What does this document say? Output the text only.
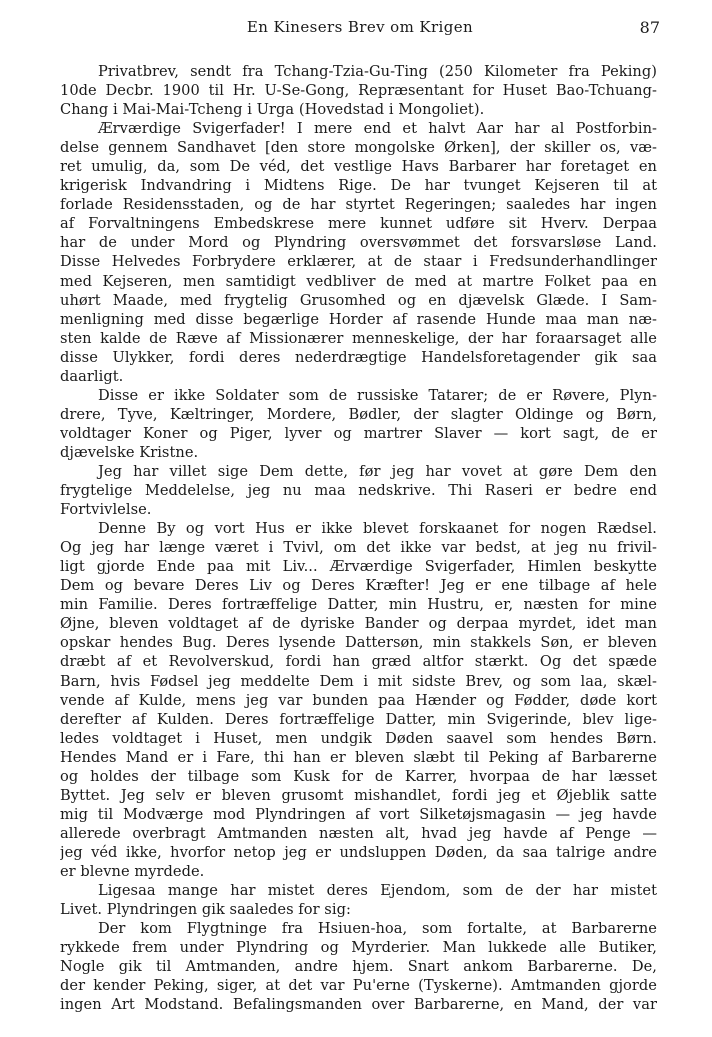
En Kinesers Brev om Krigen	87
Privatbrev, sendt fra Tchang-Tzia-Gu-Ting (250 Kilometer fra Peking)
10de Decbr. 1900 til Hr. U-Se-Gong, Repræsentant for Huset Bao-Tchuang-
Chang i Mai-Mai-Tcheng i Urga (Hovedstad i Mongoliet).
Ærværdige Svigerfader! I mere end et halvt Aar har al Postforbin-
delse gennem Sandhavet [den store mongolske Ørken], der skiller os, væ-
ret umulig, da, som De véd, det vestlige Havs Barbarer har foretaget en
krigerisk Indvandring i Midtens Rige. De har tvunget Kejseren til at
forlade Residensstaden, og de har styrtet Regeringen; saaledes har ingen
af Forvaltningens Embedskrese mere kunnet udføre sit Hverv. Derpaa
har de under Mord og Plyndring oversvømmet det forsvarsløse Land.
Disse Helvedes Forbrydere erklærer, at de staar i Fredsunderhandlinger
med Kejseren, men samtidigt vedbliver de med at martre Folket paa en
uhørt Maade, med frygtelig Grusomhed og en djævelsk Glæde. I Sam-
menligning med disse begærlige Horder af rasende Hunde maa man næ-
sten kalde de Ræve af Missionærer menneskelige, der har foraarsaget alle
disse Ulykker, fordi deres nederdrægtige Handelsforetagender gik saa
daarligt.
Disse er ikke Soldater som de russiske Tatarer; de er Røvere, Plyn-
drere, Tyve, Kæltringer, Mordere, Bødler, der slagter Oldinge og Børn,
voldtager Koner og Piger, lyver og martrer Slaver — kort sagt, de er
djævelske Kristne.
Jeg har villet sige Dem dette, før jeg har vovet at gøre Dem den
frygtelige Meddelelse, jeg nu maa nedskrive. Thi Raseri er bedre end
Fortvivlelse.
Denne By og vort Hus er ikke blevet forskaanet for nogen Rædsel.
Og jeg har længe været i Tvivl, om det ikke var bedst, at jeg nu frivil-
ligt gjorde Ende paa mit Liv... Ærværdige Svigerfader, Himlen beskytte
Dem og bevare Deres Liv og Deres Kræfter! Jeg er ene tilbage af hele
min Familie. Deres fortræffelige Datter, min Hustru, er, næsten for mine
Øjne, bleven voldtaget af de dyriske Bander og derpaa myrdet, idet man
opskar hendes Bug. Deres lysende Dattersøn, min stakkels Søn, er bleven
dræbt af et Revolverskud, fordi han græd altfor stærkt. Og det spæde
Barn, hvis Fødsel jeg meddelte Dem i mit sidste Brev, og som laa, skæl-
vende af Kulde, mens jeg var bunden paa Hænder og Fødder, døde kort
derefter af Kulden. Deres fortræffelige Datter, min Svigerinde, blev lige-
ledes voldtaget i Huset, men undgik Døden saavel som hendes Børn.
Hendes Mand er i Fare, thi han er bleven slæbt til Peking af Barbarerne
og holdes der tilbage som Kusk for de Karrer, hvorpaa de har læsset
Byttet. Jeg selv er bleven grusomt mishandlet, fordi jeg et Øjeblik satte
mig til Modværge mod Plyndringen af vort Silketøjsmagasin — jeg havde
allerede overbragt Amtmanden næsten alt, hvad jeg havde af Penge —
jeg véd ikke, hvorfor netop jeg er undsluppen Døden, da saa talrige andre
er blevne myrdede.
Ligesaa mange har mistet deres Ejendom, som de der har mistet
Livet. Plyndringen gik saaledes for sig:
Der kom Flygtninge fra Hsiuen-hoa, som fortalte, at Barbarerne
rykkede frem under Plyndring og Myrderier. Man lukkede alle Butiker,
Nogle gik til Amtmanden, andre hjem. Snart ankom Barbarerne. De,
der kender Peking, siger, at det var Pu'erne (Tyskerne). Amtmanden gjorde
ingen Art Modstand. Befalingsmanden over Barbarerne, en Mand, der var
